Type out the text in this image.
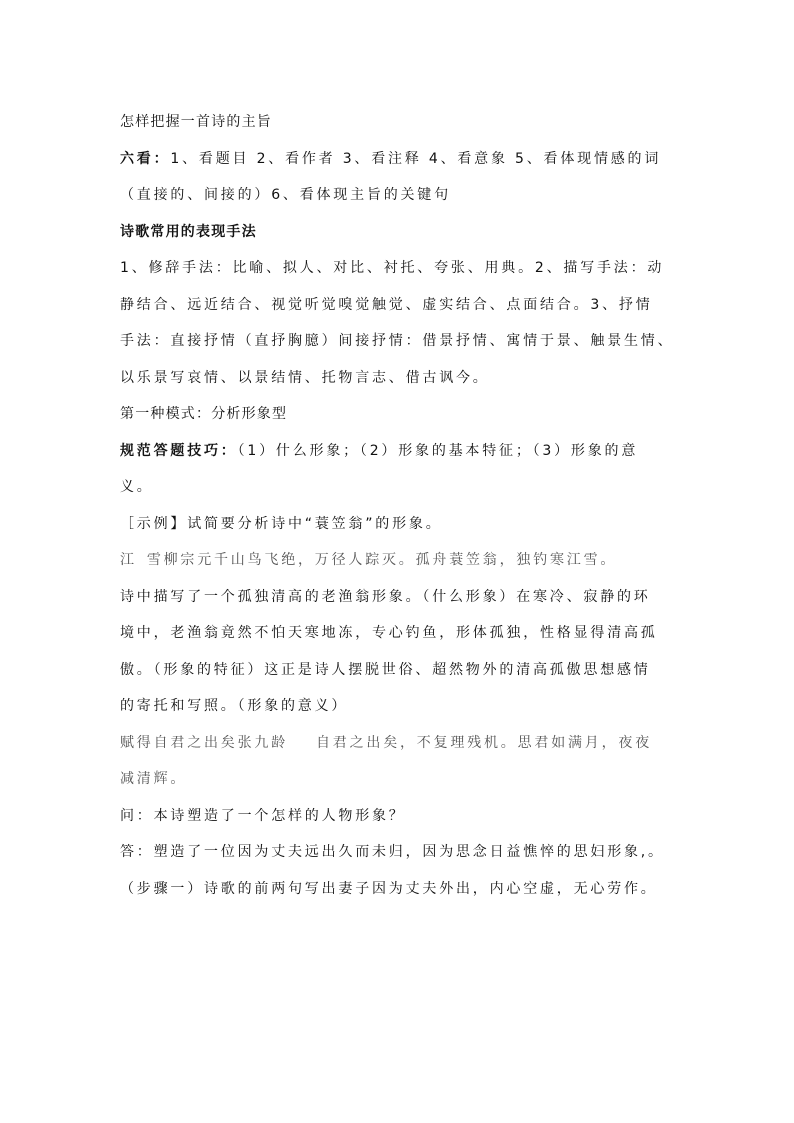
怎样把握一首诗的主旨
六看：1、看题目 2、看作者 3、看注释 4、看意象 5、看体现情感的词
（直接的、间接的）6、看体现主旨的关键句
诗歌常用的表现手法
1、修辞手法：比喻、拟人、对比、衬托、夸张、用典。2、描写手法：动
静结合、远近结合、视觉听觉嗅觉触觉、虚实结合、点面结合。3、抒情
手法：直接抒情（直抒胸臆）间接抒情：借景抒情、寓情于景、触景生情、
以乐景写哀情、以景结情、托物言志、借古讽今。
第一种模式：分析形象型
规范答题技巧：（1）什么形象；（2）形象的基本特征；（3）形象的意
义。
［示例】试简要分析诗中“蓑笠翁”的形象。
江 雪柳宗元千山鸟飞绝，万径人踪灭。孤舟蓑笠翁，独钓寒江雪。
诗中描写了一个孤独清高的老渔翁形象。（什么形象）在寒冷、寂静的环
境中，老渔翁竟然不怕天寒地冻，专心钓鱼，形体孤独，性格显得清高孤
傲。（形象的特征）这正是诗人摆脱世俗、超然物外的清高孤傲思想感情
的寄托和写照。（形象的意义）
赋得自君之出矣张九龄 自君之出矣，不复理残机。思君如满月，夜夜
减清辉。
问：本诗塑造了一个怎样的人物形象？
答：塑造了一位因为丈夫远出久而未归，因为思念日益憔悴的思妇形象,。
（步骤一）诗歌的前两句写出妻子因为丈夫外出，内心空虚，无心劳作。
